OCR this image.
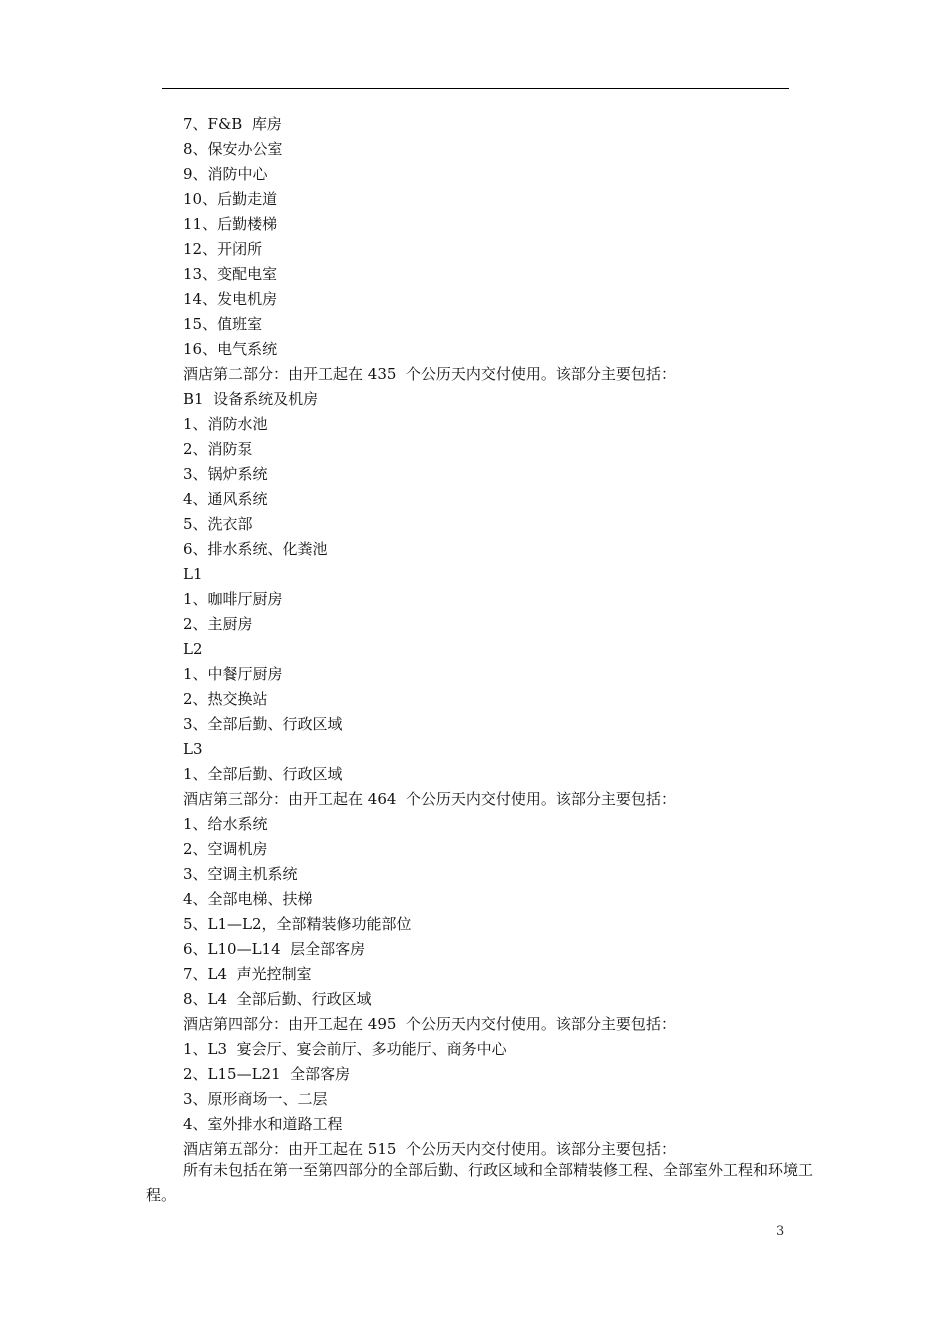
7、F&B  库房
8、保安办公室
9、消防中心
10、后勤走道
11、后勤楼梯
12、开闭所
13、变配电室
14、发电机房
15、值班室
16、电气系统
酒店第二部分：由开工起在 435  个公历天内交付使用。该部分主要包括：
B1  设备系统及机房
1、消防水池
2、消防泵
3、锅炉系统
4、通风系统
5、洗衣部
6、排水系统、化粪池
L1
1、咖啡厅厨房
2、主厨房
L2
1、中餐厅厨房
2、热交换站
3、全部后勤、行政区域
L3
1、全部后勤、行政区域
酒店第三部分：由开工起在 464  个公历天内交付使用。该部分主要包括：
1、给水系统
2、空调机房
3、空调主机系统
4、全部电梯、扶梯
5、L1—L2，全部精装修功能部位
6、L10—L14  层全部客房
7、L4  声光控制室
8、L4  全部后勤、行政区域
酒店第四部分：由开工起在 495  个公历天内交付使用。该部分主要包括：
1、L3  宴会厅、宴会前厅、多功能厅、商务中心
2、L15—L21  全部客房
3、原形商场一、二层
4、室外排水和道路工程
酒店第五部分：由开工起在 515  个公历天内交付使用。该部分主要包括：
所有未包括在第一至第四部分的全部后勤、行政区域和全部精装修工程、全部室外工程和环境工程。
3
